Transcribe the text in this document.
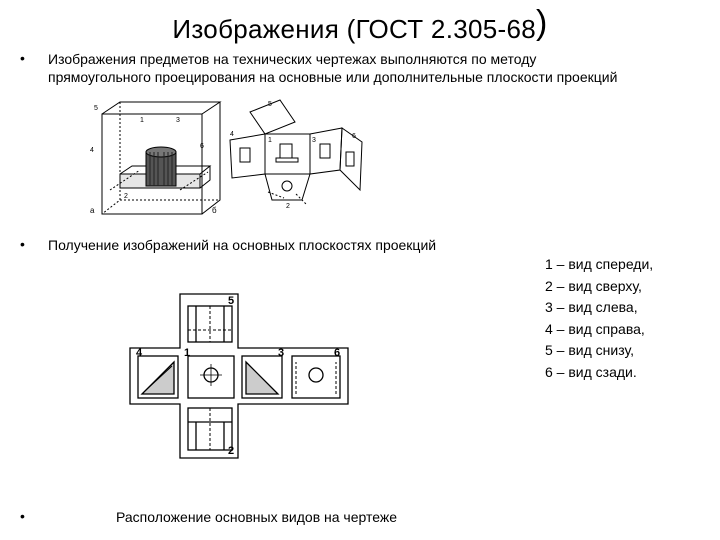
Изображения (ГОСТ 2.305-68)
• Изображения предметов на технических чертежах выполняются по методу
прямоугольного проецирования на основные или дополнительные плоскости проекций
5
1	3
4
6
2
5
1
4
3
6
2
а	б
• Получение изображений на основных плоскостях проекций
5
4	1	3	6
2
1 – вид спереди,
2 – вид сверху,
3 – вид слева,
4 – вид справа,
5 – вид снизу,
6 – вид сзади.
•	Расположение основных видов на чертеже
